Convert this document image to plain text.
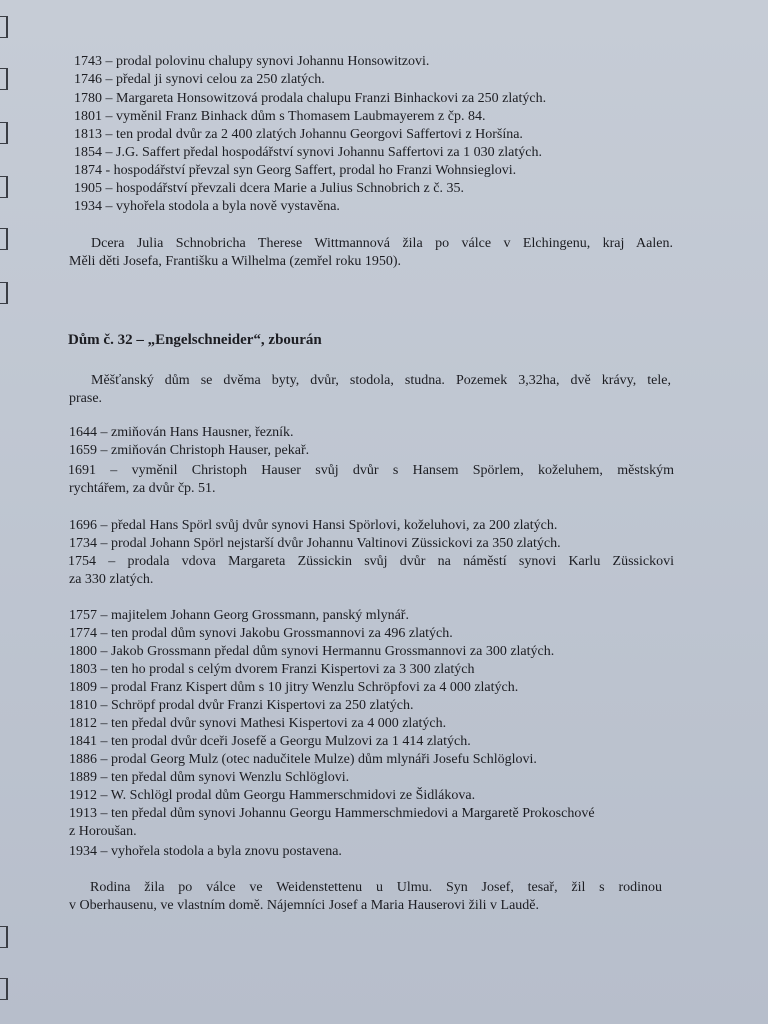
1743 – prodal polovinu chalupy synovi Johannu Honsowitzovi.
1746 – předal ji synovi celou za 250 zlatých.
1780 – Margareta Honsowitzová prodala chalupu Franzi Binhackovi za 250 zlatých.
1801 – vyměnil Franz Binhack dům s Thomasem Laubmayerem z čp. 84.
1813 – ten prodal dvůr za 2 400 zlatých Johannu Georgovi Saffertovi z Horšína.
1854 – J.G. Saffert předal hospodářství synovi Johannu Saffertovi za 1 030 zlatých.
1874 - hospodářství převzal syn Georg Saffert, prodal ho Franzi Wohnsieglovi.
1905 – hospodářství převzali dcera Marie a Julius Schnobrich z č. 35.
1934 – vyhořela stodola a byla nově vystavěna.
Dcera Julia Schnobricha Therese Wittmannová žila po válce v Elchingenu, kraj Aalen.
Měli děti Josefa, Františku a Wilhelma (zemřel roku 1950).
Dům č. 32 – „Engelschneider“, zbourán
Měšťanský dům se dvěma byty, dvůr, stodola, studna. Pozemek 3,32ha, dvě krávy, tele,
prase.
1644 – zmiňován Hans Hausner, řezník.
1659 – zmiňován Christoph Hauser, pekař.
1691 – vyměnil Christoph Hauser svůj dvůr s Hansem Spörlem, koželuhem, městským
rychtářem, za dvůr čp. 51.
1696 – předal Hans Spörl svůj dvůr synovi Hansi Spörlovi, koželuhovi, za 200 zlatých.
1734 – prodal Johann Spörl nejstarší dvůr Johannu Valtinovi Züssickovi za 350 zlatých.
1754 – prodala vdova Margareta Züssickin svůj dvůr na náměstí synovi Karlu Züssickovi
za 330 zlatých.
1757 – majitelem Johann Georg Grossmann, panský mlynář.
1774 – ten prodal dům synovi Jakobu Grossmannovi za 496 zlatých.
1800 – Jakob Grossmann předal dům synovi Hermannu Grossmannovi za 300 zlatých.
1803 – ten ho prodal s celým dvorem Franzi Kispertovi za 3 300 zlatých
1809 – prodal Franz Kispert dům s 10 jitry Wenzlu Schröpfovi za 4 000 zlatých.
1810 – Schröpf prodal dvůr Franzi Kispertovi za 250 zlatých.
1812 – ten předal dvůr synovi Mathesi Kispertovi za 4 000 zlatých.
1841 – ten prodal dvůr dceři Josefě a Georgu Mulzovi za 1 414 zlatých.
1886 – prodal Georg Mulz (otec nadučitele Mulze) dům mlynáři Josefu Schlöglovi.
1889 – ten předal dům synovi Wenzlu Schlöglovi.
1912 – W. Schlögl prodal dům Georgu Hammerschmidovi ze Šidlákova.
1913 – ten předal dům synovi Johannu Georgu Hammerschmiedovi a Margaretě Prokoschové
z Horoušan.
1934 – vyhořela stodola a byla znovu postavena.
Rodina žila po válce ve Weidenstettenu u Ulmu. Syn Josef, tesař, žil s rodinou
v Oberhausenu, ve vlastním domě. Nájemníci Josef a Maria Hauserovi žili v Laudě.
